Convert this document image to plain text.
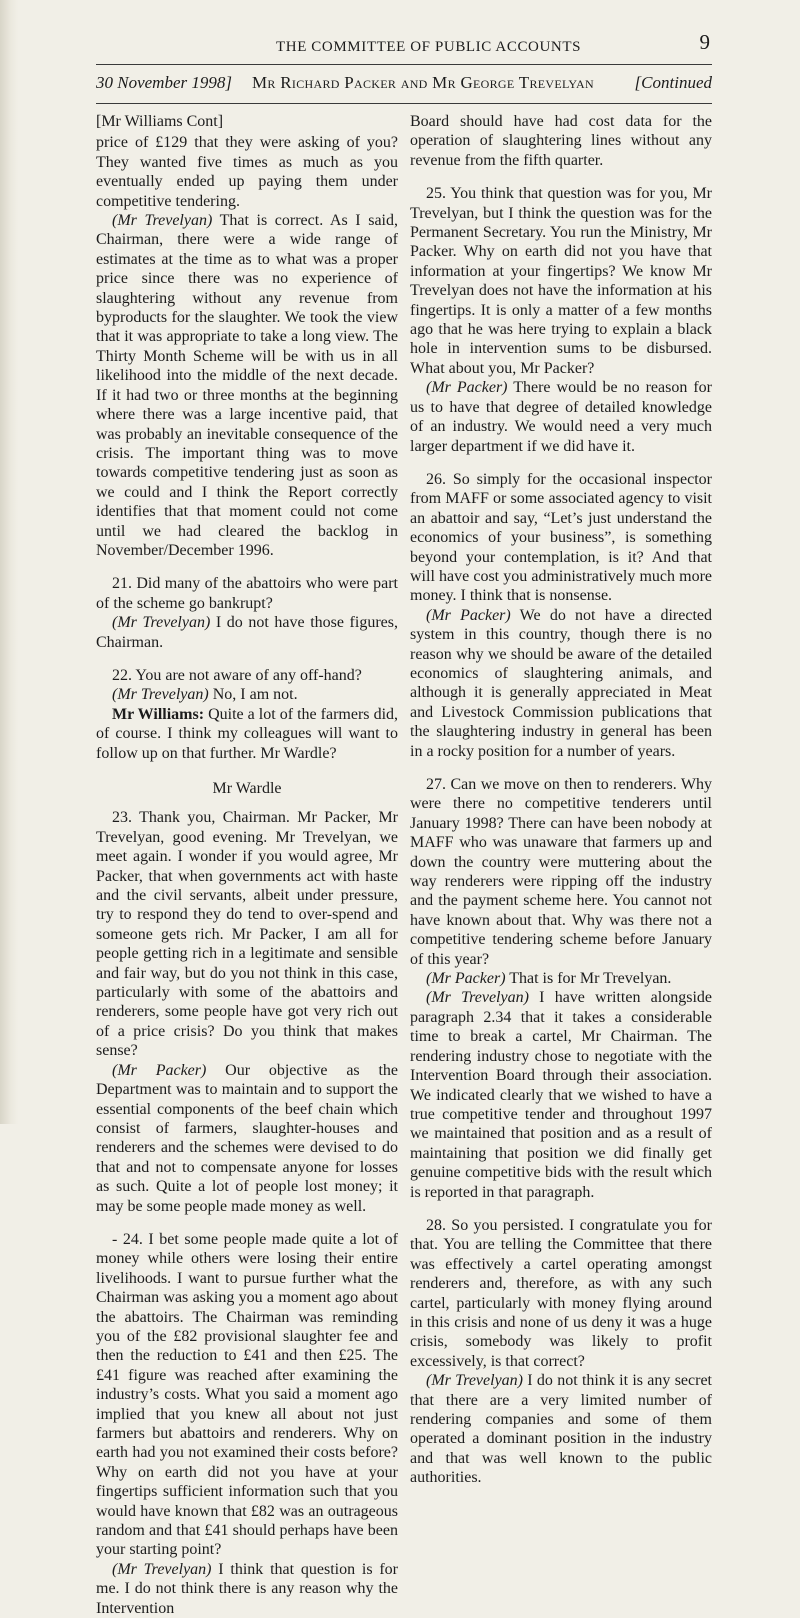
THE COMMITTEE OF PUBLIC ACCOUNTS	9
30 November 1998] Mr Richard Packer and Mr George Trevelyan [Continued

[Mr Williams Cont]

price of £129 that they were asking of you? They wanted five times as much as you eventually ended up paying them under competitive tendering.

(Mr Trevelyan) That is correct. As I said, Chairman, there were a wide range of estimates at the time as to what was a proper price since there was no experience of slaughtering without any revenue from byproducts for the slaughter. We took the view that it was appropriate to take a long view. The Thirty Month Scheme will be with us in all likelihood into the middle of the next decade. If it had two or three months at the beginning where there was a large incentive paid, that was probably an inevitable consequence of the crisis. The important thing was to move towards competitive tendering just as soon as we could and I think the Report correctly identifies that that moment could not come until we had cleared the backlog in November/December 1996.

21. Did many of the abattoirs who were part of the scheme go bankrupt?

(Mr Trevelyan) I do not have those figures, Chairman.

22. You are not aware of any off-hand?

(Mr Trevelyan) No, I am not.

Mr Williams: Quite a lot of the farmers did, of course. I think my colleagues will want to follow up on that further. Mr Wardle?

Mr Wardle

23. Thank you, Chairman. Mr Packer, Mr Trevelyan, good evening. Mr Trevelyan, we meet again. I wonder if you would agree, Mr Packer, that when governments act with haste and the civil servants, albeit under pressure, try to respond they do tend to over-spend and someone gets rich. Mr Packer, I am all for people getting rich in a legitimate and sensible and fair way, but do you not think in this case, particularly with some of the abattoirs and renderers, some people have got very rich out of a price crisis? Do you think that makes sense?

(Mr Packer) Our objective as the Department was to maintain and to support the essential components of the beef chain which consist of farmers, slaughter-houses and renderers and the schemes were devised to do that and not to compensate anyone for losses as such. Quite a lot of people lost money; it may be some people made money as well.

- 24. I bet some people made quite a lot of money while others were losing their entire livelihoods. I want to pursue further what the Chairman was asking you a moment ago about the abattoirs. The Chairman was reminding you of the £82 provisional slaughter fee and then the reduction to £41 and then £25. The £41 figure was reached after examining the industry’s costs. What you said a moment ago implied that you knew all about not just farmers but abattoirs and renderers. Why on earth had you not examined their costs before? Why on earth did not you have at your fingertips sufficient information such that you would have known that £82 was an outrageous random and that £41 should perhaps have been your starting point?

(Mr Trevelyan) I think that question is for me. I do not think there is any reason why the Intervention

Board should have had cost data for the operation of slaughtering lines without any revenue from the fifth quarter.

25. You think that question was for you, Mr Trevelyan, but I think the question was for the Permanent Secretary. You run the Ministry, Mr Packer. Why on earth did not you have that information at your fingertips? We know Mr Trevelyan does not have the information at his fingertips. It is only a matter of a few months ago that he was here trying to explain a black hole in intervention sums to be disbursed. What about you, Mr Packer?

(Mr Packer) There would be no reason for us to have that degree of detailed knowledge of an industry. We would need a very much larger department if we did have it.

26. So simply for the occasional inspector from MAFF or some associated agency to visit an abattoir and say, “Let’s just understand the economics of your business”, is something beyond your contemplation, is it? And that will have cost you administratively much more money. I think that is nonsense.

(Mr Packer) We do not have a directed system in this country, though there is no reason why we should be aware of the detailed economics of slaughtering animals, and although it is generally appreciated in Meat and Livestock Commission publications that the slaughtering industry in general has been in a rocky position for a number of years.

27. Can we move on then to renderers. Why were there no competitive tenderers until January 1998? There can have been nobody at MAFF who was unaware that farmers up and down the country were muttering about the way renderers were ripping off the industry and the payment scheme here. You cannot not have known about that. Why was there not a competitive tendering scheme before January of this year?

(Mr Packer) That is for Mr Trevelyan.

(Mr Trevelyan) I have written alongside paragraph 2.34 that it takes a considerable time to break a cartel, Mr Chairman. The rendering industry chose to negotiate with the Intervention Board through their association. We indicated clearly that we wished to have a true competitive tender and throughout 1997 we maintained that position and as a result of maintaining that position we did finally get genuine competitive bids with the result which is reported in that paragraph.

28. So you persisted. I congratulate you for that. You are telling the Committee that there was effectively a cartel operating amongst renderers and, therefore, as with any such cartel, particularly with money flying around in this crisis and none of us deny it was a huge crisis, somebody was likely to profit excessively, is that correct?

(Mr Trevelyan) I do not think it is any secret that there are a very limited number of rendering companies and some of them operated a dominant position in the industry and that was well known to the public authorities.
